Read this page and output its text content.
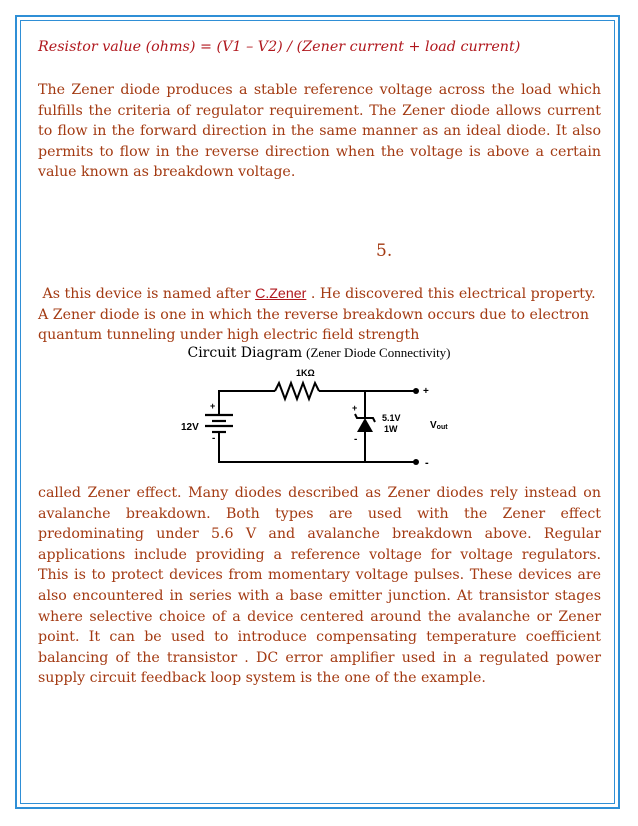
Resistor value (ohms) = (V1 – V2) / (Zener current + load current)

The Zener diode produces a stable reference voltage across the load which fulfills the criteria of regulator requirement. The Zener diode allows current to flow in the forward direction in the same manner as an ideal diode. It also permits to flow in the reverse direction when the voltage is above a certain value known as breakdown voltage.

5.

As this device is named after C.Zener . He discovered this electrical property. A Zener diode is one in which the reverse breakdown occurs due to electron quantum tunneling under high electric field strength

Circuit Diagram (Zener Diode Connectivity)

1KΩ
12V
+
-
+
-
5.1V
1W	Vout
+
-

called Zener effect. Many diodes described as Zener diodes rely instead on avalanche breakdown. Both types are used with the Zener effect predominating under 5.6 V and avalanche breakdown above. Regular applications include providing a reference voltage for voltage regulators. This is to protect devices from momentary voltage pulses. These devices are also encountered in series with a base emitter junction. At transistor stages where selective choice of a device centered around the avalanche or Zener point. It can be used to introduce compensating temperature coefficient balancing of the transistor . DC error amplifier used in a regulated power supply circuit feedback loop system is the one of the example.
